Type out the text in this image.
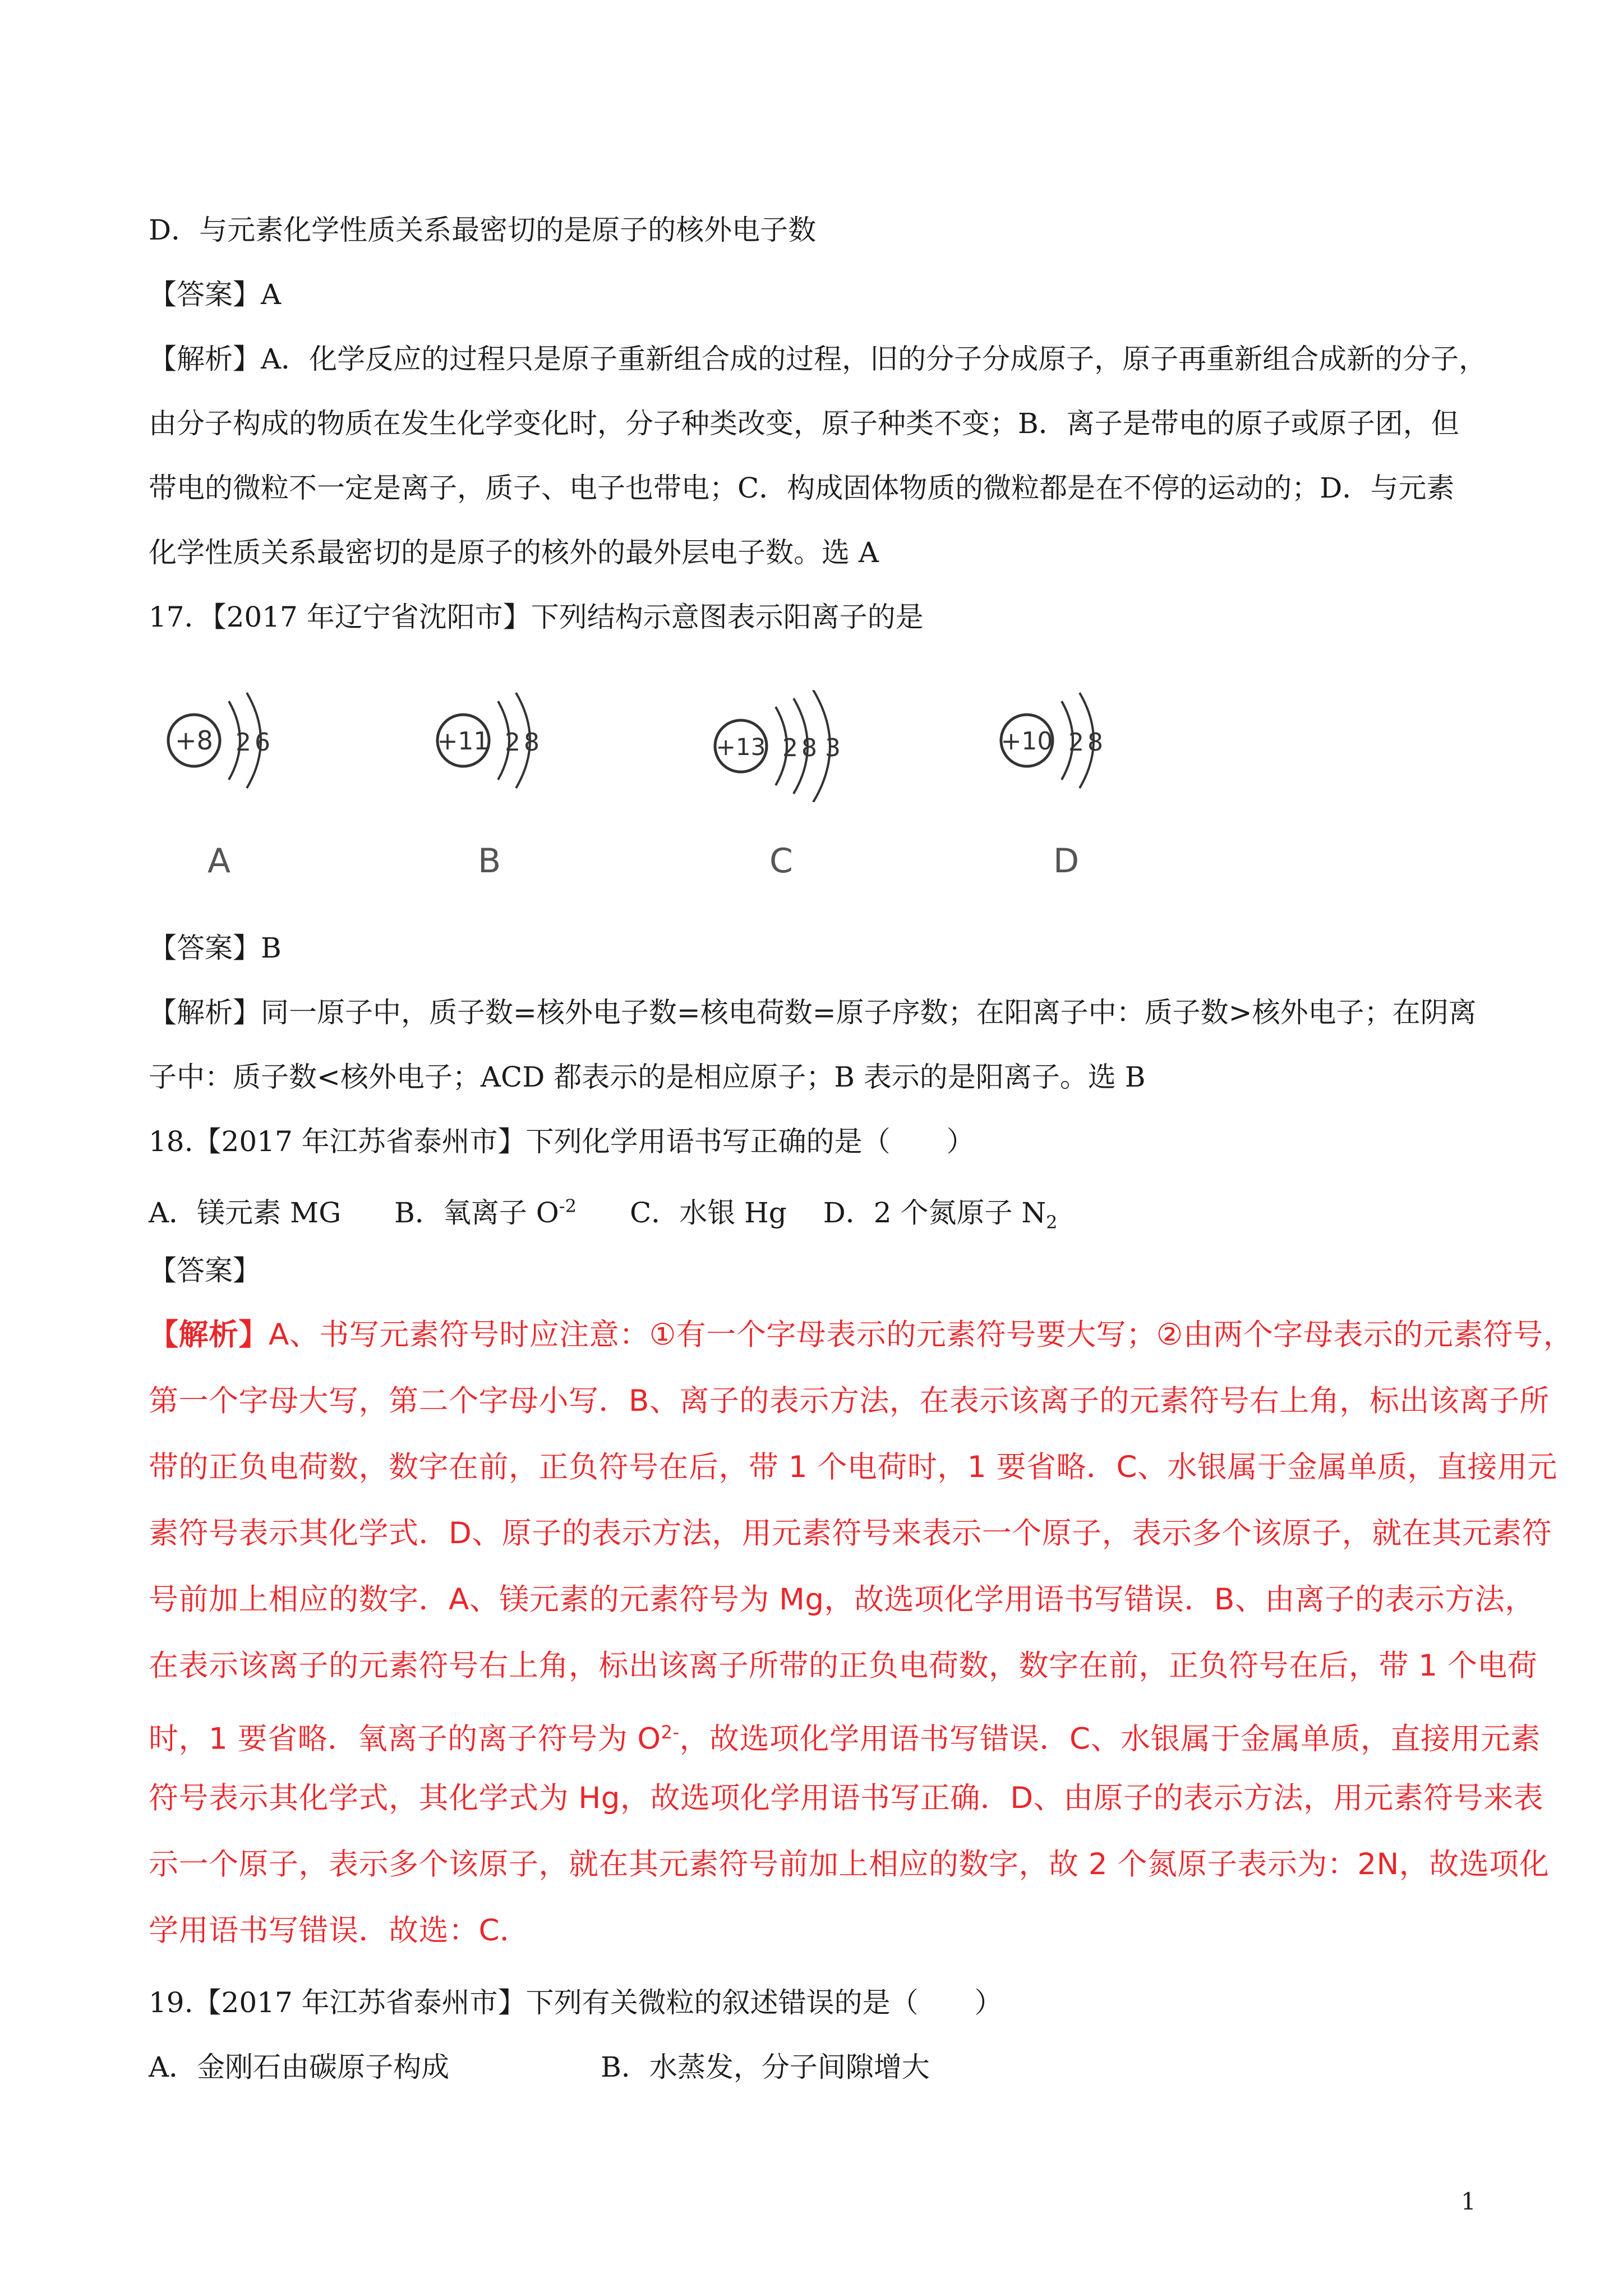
D．与元素化学性质关系最密切的是原子的核外电子数
【答案】A
【解析】A．化学反应的过程只是原子重新组合成的过程，旧的分子分成原子，原子再重新组合成新的分子，
由分子构成的物质在发生化学变化时，分子种类改变，原子种类不变；B．离子是带电的原子或原子团，但
带电的微粒不一定是离子，质子、电子也带电；C．构成固体物质的微粒都是在不停的运动的；D．与元素
化学性质关系最密切的是原子的核外的最外层电子数。选 A
17．【2017 年辽宁省沈阳市】下列结构示意图表示阳离子的是
+8 2 6	+11 2 8	+13 2 8 3	+10 2 8
A	B	C	D
【答案】B
【解析】同一原子中，质子数=核外电子数=核电荷数=原子序数；在阳离子中：质子数>核外电子；在阴离
子中：质子数<核外电子；ACD 都表示的是相应原子；B 表示的是阳离子。选 B
18.【2017 年江苏省泰州市】下列化学用语书写正确的是（　　）
A．镁元素 MG B．氧离子 $O^{-2}$ C．水银 Hg D．2 个氮原子 $N_2$
【答案】
【解析】A、书写元素符号时应注意：①有一个字母表示的元素符号要大写；②由两个字母表示的元素符号，
第一个字母大写，第二个字母小写．B、离子的表示方法，在表示该离子的元素符号右上角，标出该离子所
带的正负电荷数，数字在前，正负符号在后，带 1 个电荷时，1 要省略．C、水银属于金属单质，直接用元
素符号表示其化学式．D、原子的表示方法，用元素符号来表示一个原子，表示多个该原子，就在其元素符
号前加上相应的数字．A、镁元素的元素符号为 Mg，故选项化学用语书写错误．B、由离子的表示方法，
在表示该离子的元素符号右上角，标出该离子所带的正负电荷数，数字在前，正负符号在后，带 1 个电荷
时，1 要省略．氧离子的离子符号为 $O^{2-}$，故选项化学用语书写错误．C、水银属于金属单质，直接用元素
符号表示其化学式，其化学式为 Hg，故选项化学用语书写正确．D、由原子的表示方法，用元素符号来表
示一个原子，表示多个该原子，就在其元素符号前加上相应的数字，故 2 个氮原子表示为：2N，故选项化
学用语书写错误．故选：C．
19.【2017 年江苏省泰州市】下列有关微粒的叙述错误的是（　　）
A．金刚石由碳原子构成	B．水蒸发，分子间隙增大
1
